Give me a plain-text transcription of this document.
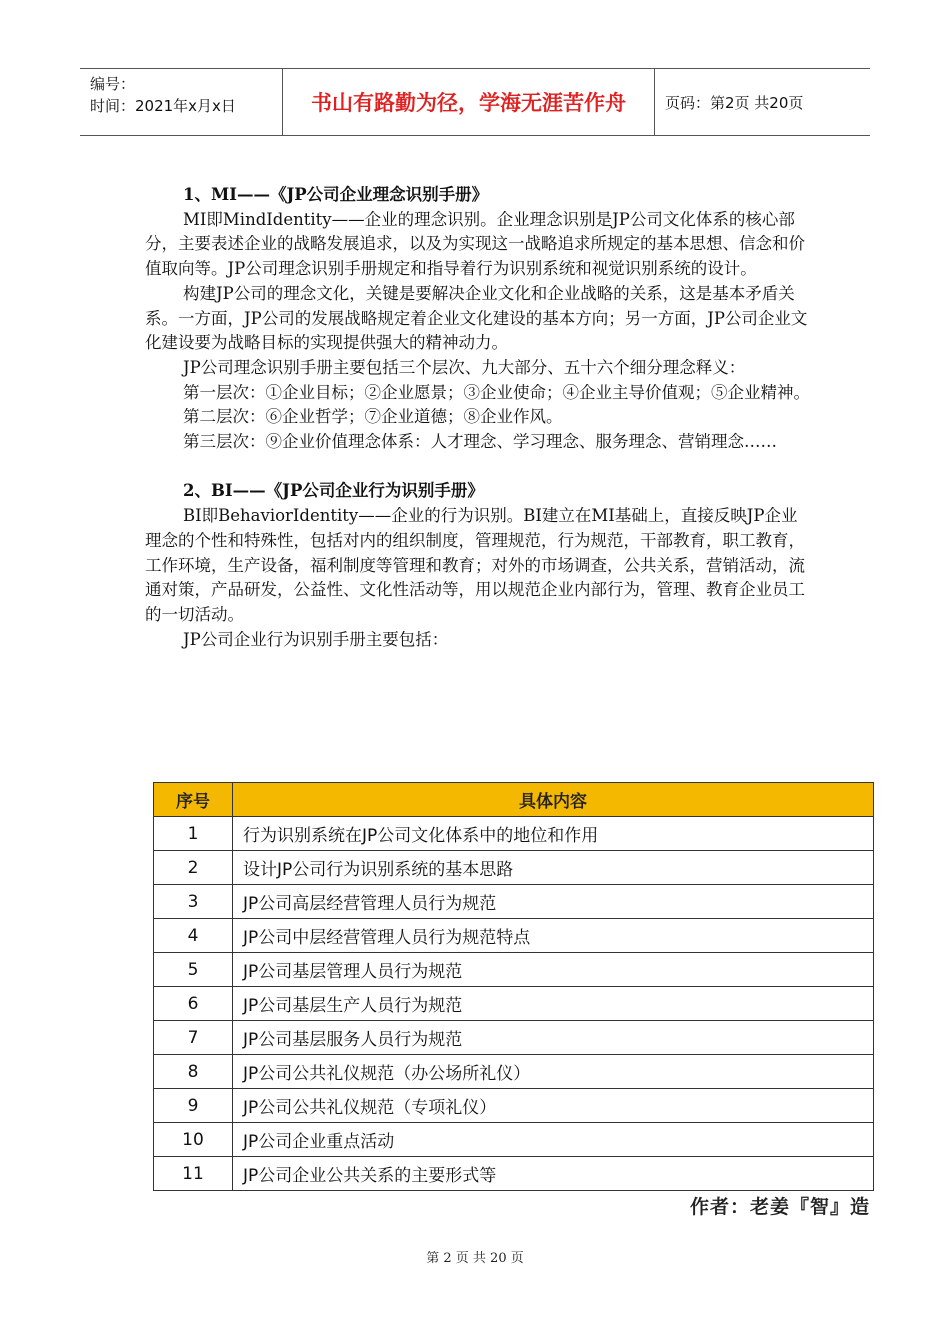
编号：
时间：2021年x月x日	书山有路勤为径，学海无涯苦作舟	页码：第2页 共20页

1、MI——《JP公司企业理念识别手册》

MI即MindIdentity——企业的理念识别。企业理念识别是JP公司文化体系的核心部分，主要表述企业的战略发展追求，以及为实现这一战略追求所规定的基本思想、信念和价值取向等。JP公司理念识别手册规定和指导着行为识别系统和视觉识别系统的设计。

构建JP公司的理念文化，关键是要解决企业文化和企业战略的关系，这是基本矛盾关系。一方面，JP公司的发展战略规定着企业文化建设的基本方向；另一方面，JP公司企业文化建设要为战略目标的实现提供强大的精神动力。

JP公司理念识别手册主要包括三个层次、九大部分、五十六个细分理念释义：

第一层次：①企业目标；②企业愿景；③企业使命；④企业主导价值观；⑤企业精神。

第二层次：⑥企业哲学；⑦企业道德；⑧企业作风。

第三层次：⑨企业价值理念体系：人才理念、学习理念、服务理念、营销理念……

2、BI——《JP公司企业行为识别手册》

BI即BehaviorIdentity——企业的行为识别。BI建立在MI基础上，直接反映JP企业理念的个性和特殊性，包括对内的组织制度，管理规范，行为规范，干部教育，职工教育，工作环境，生产设备，福利制度等管理和教育；对外的市场调查，公共关系，营销活动，流通对策，产品研发，公益性、文化性活动等，用以规范企业内部行为，管理、教育企业员工的一切活动。

JP公司企业行为识别手册主要包括：

序号	具体内容
1	行为识别系统在JP公司文化体系中的地位和作用
2	设计JP公司行为识别系统的基本思路
3	JP公司高层经营管理人员行为规范
4	JP公司中层经营管理人员行为规范特点
5	JP公司基层管理人员行为规范
6	JP公司基层生产人员行为规范
7	JP公司基层服务人员行为规范
8	JP公司公共礼仪规范（办公场所礼仪）
9	JP公司公共礼仪规范（专项礼仪）
10	JP公司企业重点活动
11	JP公司企业公共关系的主要形式等
作者：老姜『智』造
第 2 页 共 20 页
